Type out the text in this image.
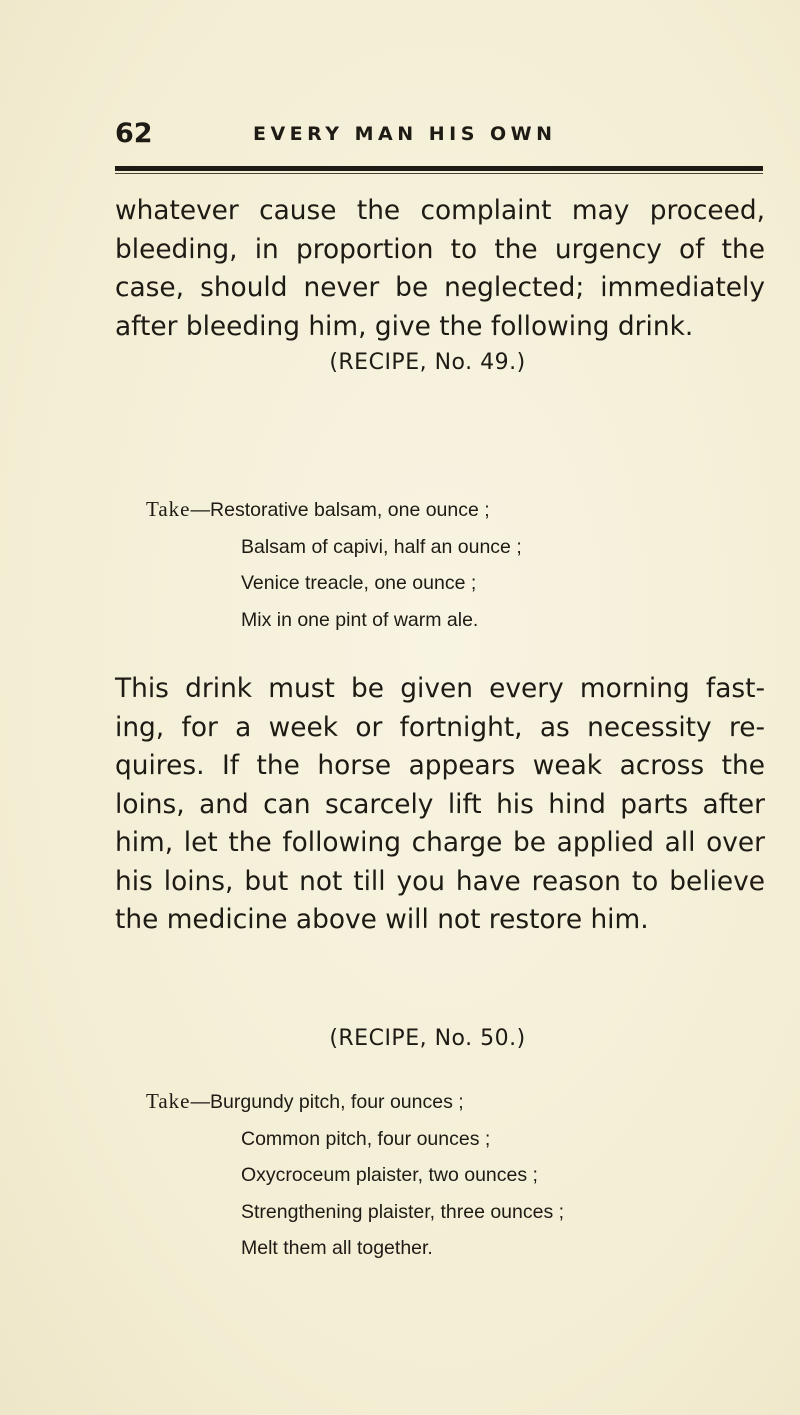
62	EVERY MAN HIS OWN

whatever cause the complaint may proceed,
bleeding, in proportion to the urgency of the
case, should never be neglected; immediately
after bleeding him, give the following drink.

(RECIPE, No. 49.)
Take—Restorative balsam, one ounce ;
Balsam of capivi, half an ounce ;
Venice treacle, one ounce ;
Mix in one pint of warm ale.

This drink must be given every morning fast-
ing, for a week or fortnight, as necessity re-
quires. If the horse appears weak across the
loins, and can scarcely lift his hind parts after
him, let the following charge be applied all over
his loins, but not till you have reason to believe
the medicine above will not restore him.

(RECIPE, No. 50.)
Take—Burgundy pitch, four ounces ;
Common pitch, four ounces ;
Oxycroceum plaister, two ounces ;
Strengthening plaister, three ounces ;
Melt them all together.
